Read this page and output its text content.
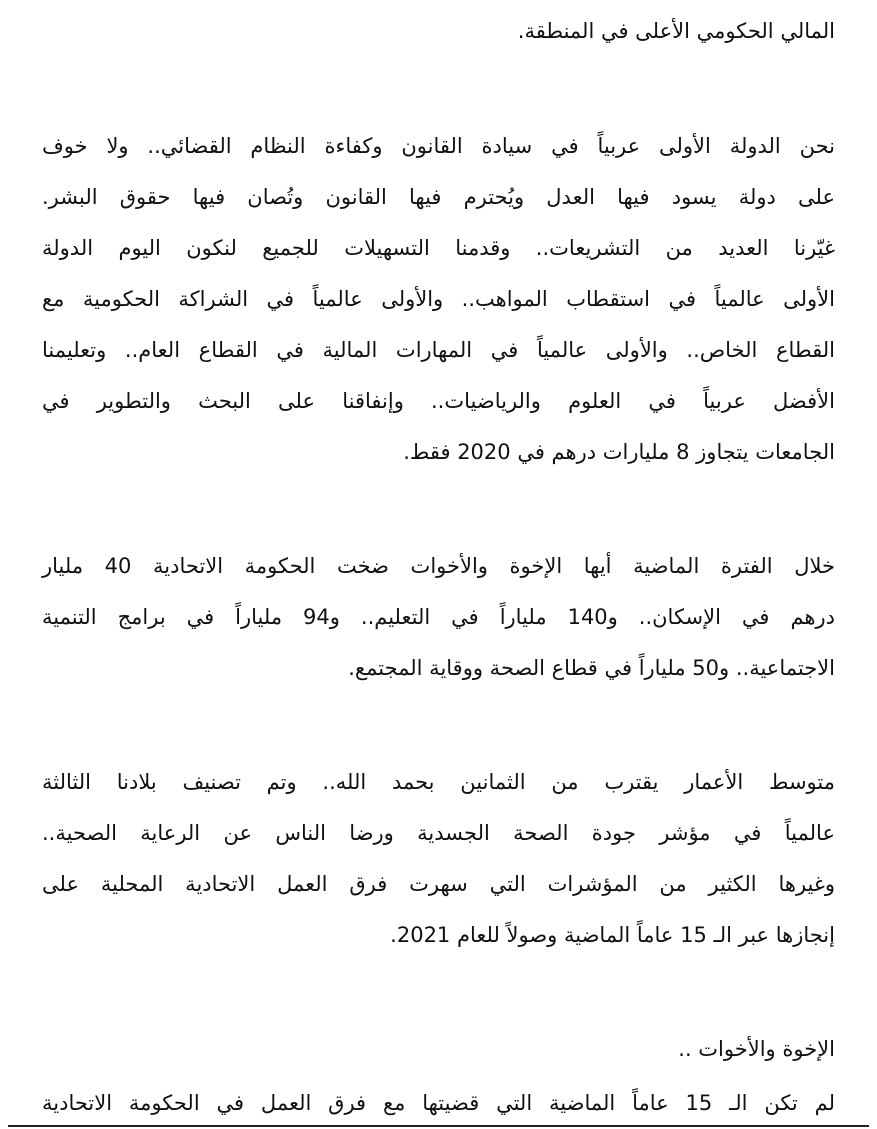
المالي الحكومي الأعلى في المنطقة.
نحن الدولة الأولى عربياً في سيادة القانون وكفاءة النظام القضائي.. ولا خوف
على دولة يسود فيها العدل ويُحترم فيها القانون وتُصان فيها حقوق البشر.
غيّرنا العديد من التشريعات.. وقدمنا التسهيلات للجميع لنكون اليوم الدولة
الأولى عالمياً في استقطاب المواهب.. والأولى عالمياً في الشراكة الحكومية مع
القطاع الخاص.. والأولى عالمياً في المهارات المالية في القطاع العام.. وتعليمنا
الأفضل عربياً في العلوم والرياضيات.. وإنفاقنا على البحث والتطوير في
الجامعات يتجاوز 8 مليارات درهم في 2020 فقط.
خلال الفترة الماضية أيها الإخوة والأخوات ضخت الحكومة الاتحادية 40 مليار
درهم في الإسكان.. و140 ملياراً في التعليم.. و94 ملياراً في برامج التنمية
الاجتماعية.. و50 ملياراً في قطاع الصحة ووقاية المجتمع.
متوسط الأعمار يقترب من الثمانين بحمد الله.. وتم تصنيف بلادنا الثالثة
عالمياً في مؤشر جودة الصحة الجسدية ورضا الناس عن الرعاية الصحية..
وغيرها الكثير من المؤشرات التي سهرت فرق العمل الاتحادية المحلية على
إنجازها عبر الـ 15 عاماً الماضية وصولاً للعام 2021.
الإخوة والأخوات ..
لم تكن الـ 15 عاماً الماضية التي قضيتها مع فرق العمل في الحكومة الاتحادية
